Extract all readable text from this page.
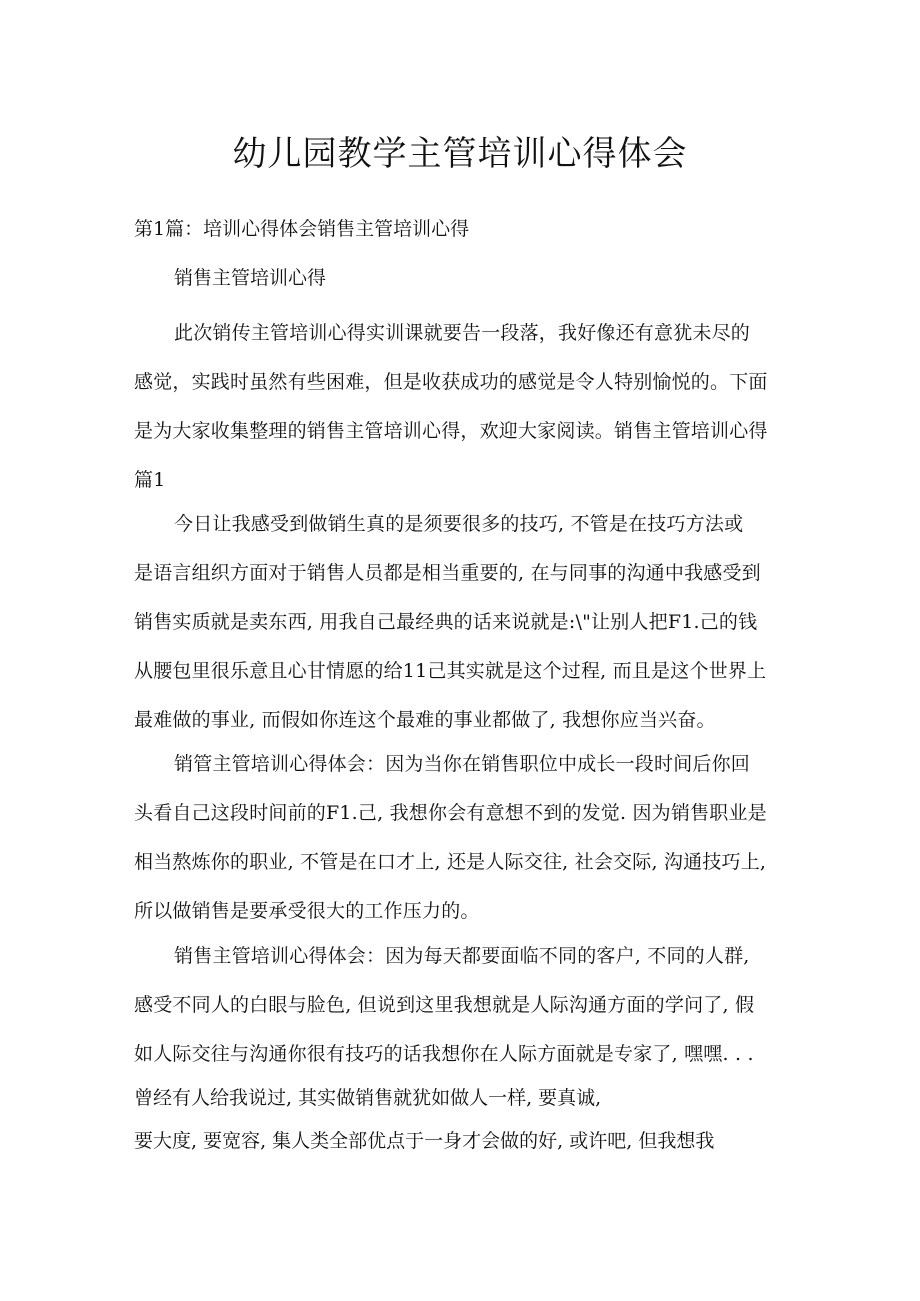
幼儿园教学主管培训心得体会

第1篇：培训心得体会销售主管培训心得

销售主管培训心得

此次销传主管培训心得实训课就要告一段落，我好像还有意犹未尽的
感觉，实践时虽然有些困难，但是收获成功的感觉是令人特别愉悦的。下面
是为大家收集整理的销售主管培训心得，欢迎大家阅读。销售主管培训心得
篇1

今日让我感受到做销生真的是须要很多的技巧, 不管是在技巧方法或
是语言组织方面对于销售人员都是相当重要的, 在与同事的沟通中我感受到
销售实质就是卖东西, 用我自己最经典的话来说就是:\"让别人把F1.己的钱
从腰包里很乐意且心甘情愿的给11己其实就是这个过程, 而且是这个世界上
最难做的事业, 而假如你连这个最难的事业都做了, 我想你应当兴奋。

销管主管培训心得体会：因为当你在销售职位中成长一段时间后你回
头看自己这段时间前的F1.己, 我想你会有意想不到的发觉. 因为销售职业是
相当熬炼你的职业, 不管是在口才上, 还是人际交往, 社会交际, 沟通技巧上,
所以做销售是要承受很大的工作压力的。

销售主管培训心得体会：因为每天都要面临不同的客户, 不同的人群,
感受不同人的白眼与脸色, 但说到这里我想就是人际沟通方面的学问了, 假
如人际交往与沟通你很有技巧的话我想你在人际方面就是专家了, 嘿嘿. . .

曾经有人给我说过, 其实做销售就犹如做人一样, 要真诚,

要大度, 要宽容, 集人类全部优点于一身才会做的好, 或许吧, 但我想我
